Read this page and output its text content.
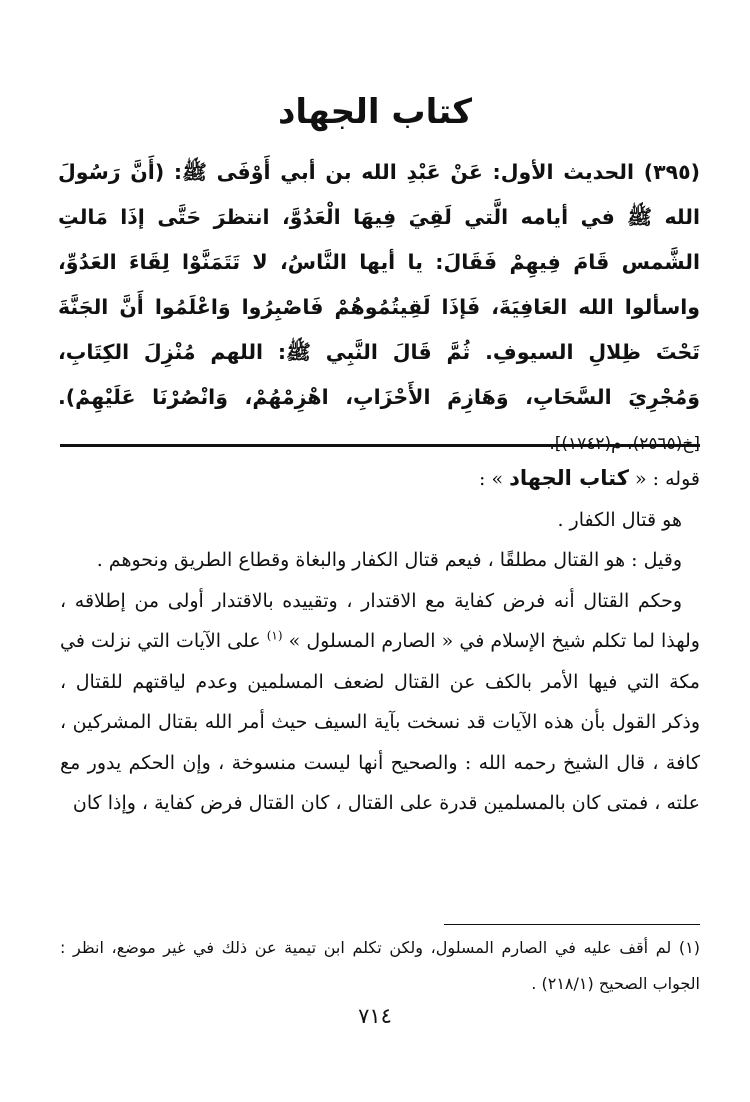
كتاب الجهاد
(٣٩٥) الحديث الأول: عَنْ عَبْدِ الله بن أبي أَوْفَى ﷺ: (أَنَّ رَسُولَ الله ﷺ في أيامه الَّتي لَقِيَ فِيهَا الْعَدُوَّ، انتظرَ حَتَّى إذَا مَالتِ الشَّمس قَامَ فِيهِمْ فَقَالَ: يا أيها النَّاسُ، لا تَتَمَنَّوْا لِقَاءَ العَدُوِّ، واسألوا الله العَافِيَةَ، فَإذَا لَقِيتُمُوهُمْ فَاصْبِرُوا وَاعْلَمُوا أَنَّ الجَنَّةَ تَحْتَ ظِلالِ السيوفِ. ثُمَّ قَالَ النَّبِي ﷺ: اللهم مُنْزِلَ الكِتَابِ، وَمُجْرِيَ السَّحَابِ، وَهَازِمَ الأَحْزَابِ، اهْزِمْهُمْ، وَانْصُرْنَا عَلَيْهِمْ). [خ(٢٥٦٥)، م(١٧٤٢)].

قوله : « كتاب الجهاد » :

هو قتال الكفار .

وقيل : هو القتال مطلقًا ، فيعم قتال الكفار والبغاة وقطاع الطريق ونحوهم .

وحكم القتال أنه فرض كفاية مع الاقتدار ، وتقييده بالاقتدار أولى من إطلاقه ، ولهذا لما تكلم شيخ الإسلام في « الصارم المسلول » $^{(١)}$ على الآيات التي نزلت في مكة التي فيها الأمر بالكف عن القتال لضعف المسلمين وعدم لياقتهم للقتال ، وذكر القول بأن هذه الآيات قد نسخت بآية السيف حيث أمر الله بقتال المشركين ، كافة ، قال الشيخ رحمه الله : والصحيح أنها ليست منسوخة ، وإن الحكم يدور مع علته ، فمتى كان بالمسلمين قدرة على القتال ، كان القتال فرض كفاية ، وإذا كان

(١) لم أقف عليه في الصارم المسلول، ولكن تكلم ابن تيمية عن ذلك في غير موضع، انظر : الجواب الصحيح (٢١٨/١) .
٧١٤
